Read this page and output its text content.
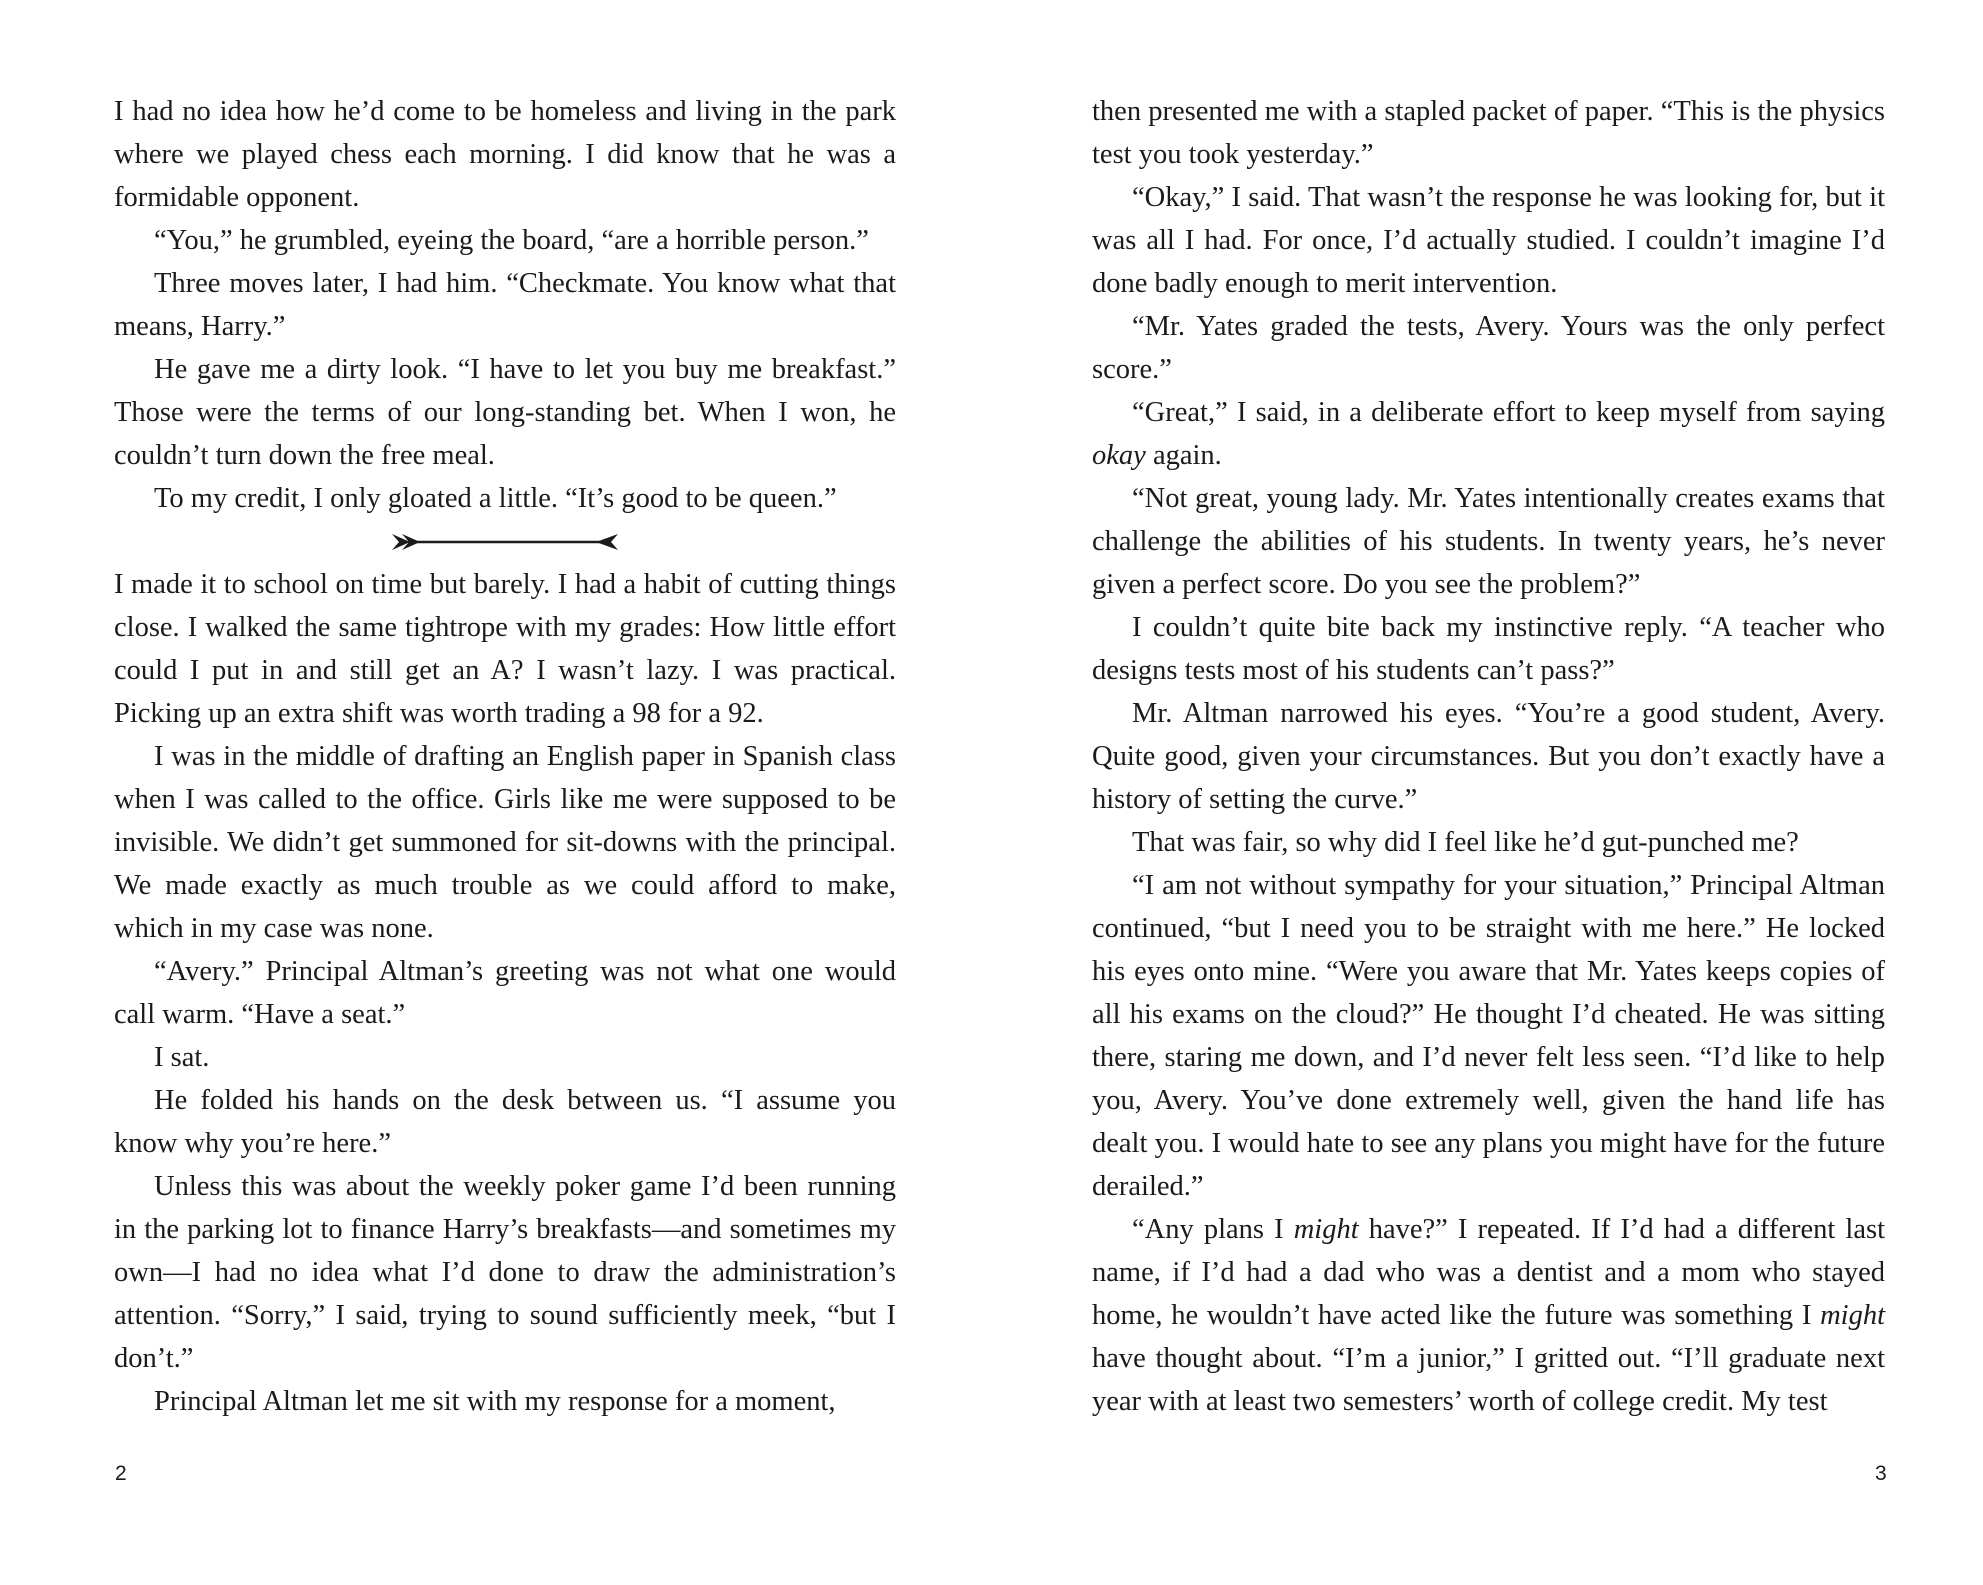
I had no idea how he’d come to be homeless and living in the park where we played chess each morning. I did know that he was a formidable opponent.

“You,” he grumbled, eyeing the board, “are a horrible person.”

Three moves later, I had him. “Checkmate. You know what that means, Harry.”

He gave me a dirty look. “I have to let you buy me breakfast.” Those were the terms of our long-standing bet. When I won, he couldn’t turn down the free meal.

To my credit, I only gloated a little. “It’s good to be queen.”

I made it to school on time but barely. I had a habit of cutting things close. I walked the same tightrope with my grades: How little effort could I put in and still get an A? I wasn’t lazy. I was practical. Picking up an extra shift was worth trading a 98 for a 92.

I was in the middle of drafting an English paper in Spanish class when I was called to the office. Girls like me were supposed to be invisible. We didn’t get summoned for sit-downs with the principal. We made exactly as much trouble as we could afford to make, which in my case was none.

“Avery.” Principal Altman’s greeting was not what one would call warm. “Have a seat.”

I sat.

He folded his hands on the desk between us. “I assume you know why you’re here.”

Unless this was about the weekly poker game I’d been running in the parking lot to finance Harry’s breakfasts—and sometimes my own—I had no idea what I’d done to draw the administration’s attention. “Sorry,” I said, trying to sound sufficiently meek, “but I don’t.”

Principal Altman let me sit with my response for a moment,

2

then presented me with a stapled packet of paper. “This is the physics test you took yesterday.”

“Okay,” I said. That wasn’t the response he was looking for, but it was all I had. For once, I’d actually studied. I couldn’t imagine I’d done badly enough to merit intervention.

“Mr. Yates graded the tests, Avery. Yours was the only perfect score.”

“Great,” I said, in a deliberate effort to keep myself from saying okay again.

“Not great, young lady. Mr. Yates intentionally creates exams that challenge the abilities of his students. In twenty years, he’s never given a perfect score. Do you see the problem?”

I couldn’t quite bite back my instinctive reply. “A teacher who designs tests most of his students can’t pass?”

Mr. Altman narrowed his eyes. “You’re a good student, Avery. Quite good, given your circumstances. But you don’t exactly have a history of setting the curve.”

That was fair, so why did I feel like he’d gut-punched me?

“I am not without sympathy for your situation,” Principal Altman continued, “but I need you to be straight with me here.” He locked his eyes onto mine. “Were you aware that Mr. Yates keeps copies of all his exams on the cloud?” He thought I’d cheated. He was sitting there, staring me down, and I’d never felt less seen. “I’d like to help you, Avery. You’ve done extremely well, given the hand life has dealt you. I would hate to see any plans you might have for the future derailed.”

“Any plans I might have?” I repeated. If I’d had a different last name, if I’d had a dad who was a dentist and a mom who stayed home, he wouldn’t have acted like the future was something I might have thought about. “I’m a junior,” I gritted out. “I’ll graduate next year with at least two semesters’ worth of college credit. My test

3
